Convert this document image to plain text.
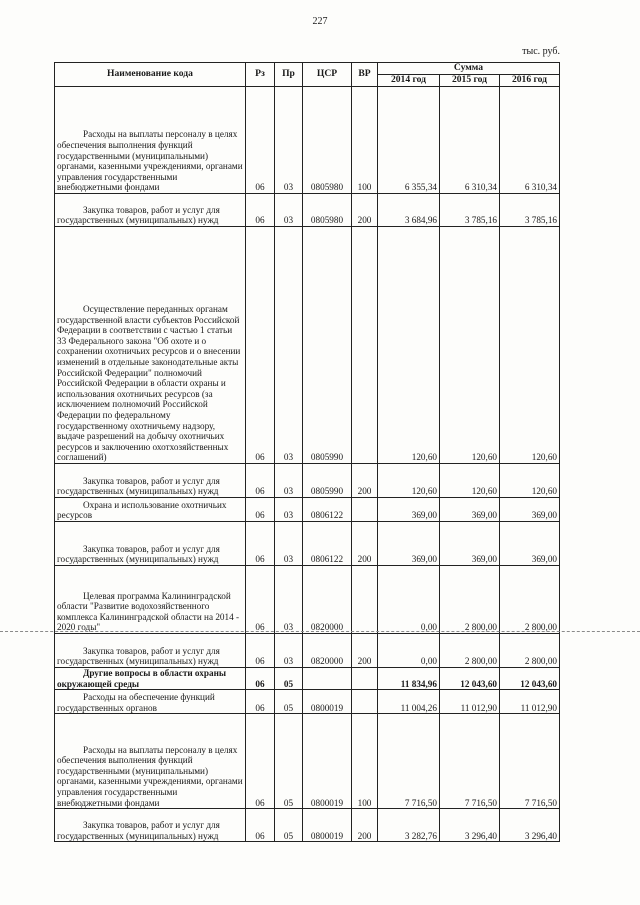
227
тыс. руб.
Наименование кода	Рз	Пр	ЦСР	ВР	Сумма		
					2014 год	2015 год	2016 год

Расходы на выплаты персоналу в целях обеспечения выполнения функций государственными (муниципальными) органами, казенными учреждениями, органами управления государственными внебюджетными фондами	06	03	0805980	100	6 355,34	6 310,34	6 310,34

Закупка товаров, работ и услуг для государственных (муниципальных) нужд	06	03	0805980	200	3 684,96	3 785,16	3 785,16

Осуществление переданных органам государственной власти субъектов Российской Федерации в соответствии с частью 1 статьи 33 Федерального закона "Об охоте и о сохранении охотничьих ресурсов и о внесении изменений в отдельные законодательные акты Российской Федерации" полномочий Российской Федерации в области охраны и использования охотничьих ресурсов (за исключением полномочий Российской Федерации по федеральному государственному охотничьему надзору, выдаче разрешений на добычу охотничьих ресурсов и заключению охотхозяйственных соглашений)	06	03	0805990		120,60	120,60	120,60

Закупка товаров, работ и услуг для государственных (муниципальных) нужд	06	03	0805990	200	120,60	120,60	120,60

Охрана и использование охотничьих ресурсов	06	03	0806122		369,00	369,00	369,00

Закупка товаров, работ и услуг для государственных (муниципальных) нужд	06	03	0806122	200	369,00	369,00	369,00

Целевая программа Калининградской области "Развитие водохозяйственного комплекса Калининградской области на 2014 - 2020 годы"	06	03	0820000		0,00	2 800,00	2 800,00

Закупка товаров, работ и услуг для государственных (муниципальных) нужд	06	03	0820000	200	0,00	2 800,00	2 800,00

Другие вопросы в области охраны окружающей среды	06	05			11 834,96	12 043,60	12 043,60

Расходы на обеспечение функций государственных органов	06	05	0800019		11 004,26	11 012,90	11 012,90

Расходы на выплаты персоналу в целях обеспечения выполнения функций государственными (муниципальными) органами, казенными учреждениями, органами управления государственными внебюджетными фондами	06	05	0800019	100	7 716,50	7 716,50	7 716,50

Закупка товаров, работ и услуг для государственных (муниципальных) нужд	06	05	0800019	200	3 282,76	3 296,40	3 296,40
